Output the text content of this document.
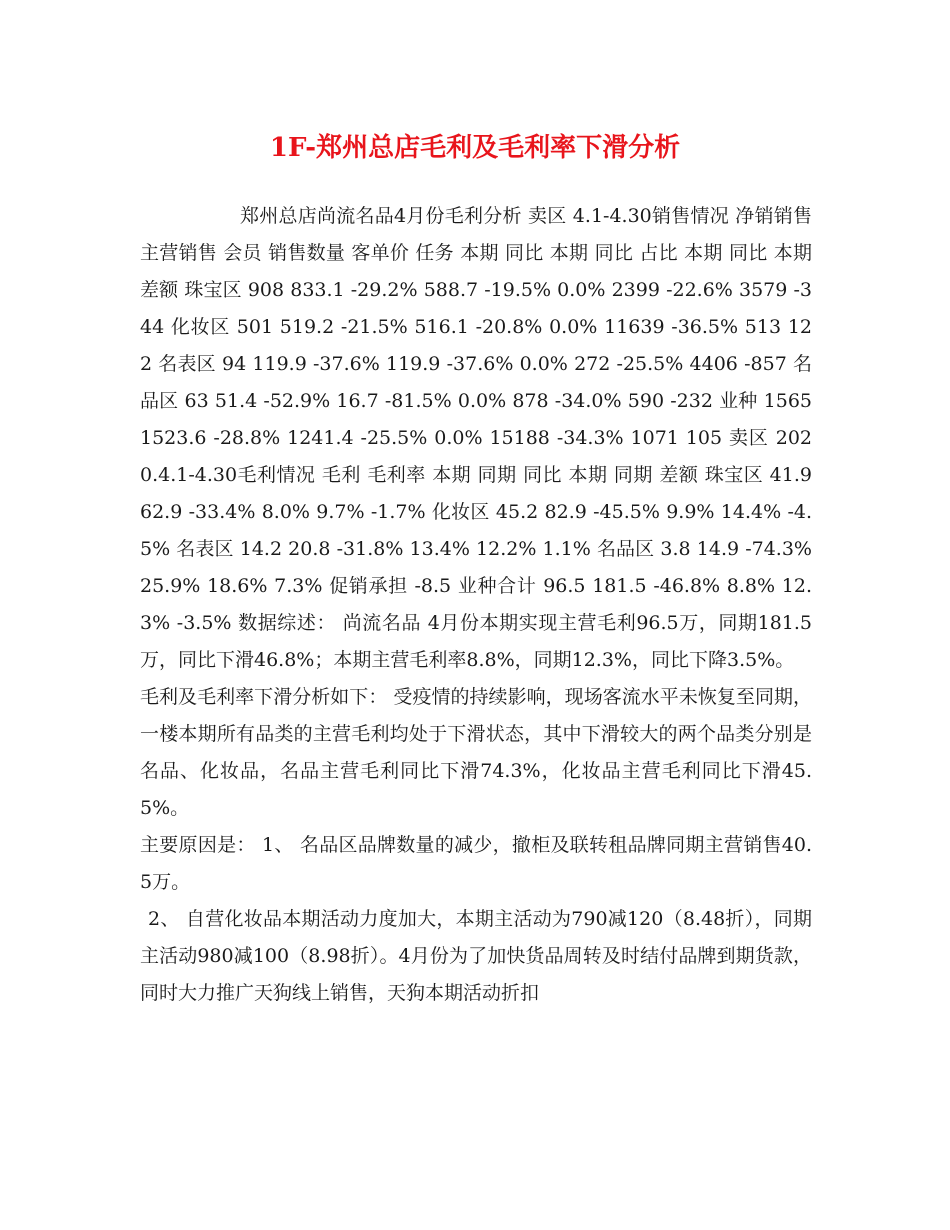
1F-郑州总店毛利及毛利率下滑分析

郑州总店尚流名品4月份毛利分析 卖区 4.1-4.30销售情况 净销销售 主营销售 会员 销售数量 客单价 任务 本期 同比 本期 同比 占比 本期 同比 本期 差额 珠宝区 908 833.1 -29.2% 588.7 -19.5% 0.0% 2399 -22.6% 3579 -344 化妆区 501 519.2 -21.5% 516.1 -20.8% 0.0% 11639 -36.5% 513 122 名表区 94 119.9 -37.6% 119.9 -37.6% 0.0% 272 -25.5% 4406 -857 名品区 63 51.4 -52.9% 16.7 -81.5% 0.0% 878 -34.0% 590 -232 业种 1565 1523.6 -28.8% 1241.4 -25.5% 0.0% 15188 -34.3% 1071 105 卖区 2020.4.1-4.30毛利情况 毛利 毛利率 本期 同期 同比 本期 同期 差额 珠宝区 41.9 62.9 -33.4% 8.0% 9.7% -1.7% 化妆区 45.2 82.9 -45.5% 9.9% 14.4% -4.5% 名表区 14.2 20.8 -31.8% 13.4% 12.2% 1.1% 名品区 3.8 14.9 -74.3% 25.9% 18.6% 7.3% 促销承担 -8.5 业种合计 96.5 181.5 -46.8% 8.8% 12.3% -3.5% 数据综述： 尚流名品 4月份本期实现主营毛利96.5万，同期181.5万，同比下滑46.8%；本期主营毛利率8.8%，同期12.3%，同比下降3.5%。

毛利及毛利率下滑分析如下： 受疫情的持续影响，现场客流水平未恢复至同期，一楼本期所有品类的主营毛利均处于下滑状态，其中下滑较大的两个品类分别是名品、化妆品，名品主营毛利同比下滑74.3%，化妆品主营毛利同比下滑45.5%。

主要原因是： 1、 名品区品牌数量的减少，撤柜及联转租品牌同期主营销售40.5万。

2、 自营化妆品本期活动力度加大，本期主活动为790减120（8.48折），同期主活动980减100（8.98折）。4月份为了加快货品周转及时结付品牌到期货款，同时大力推广天狗线上销售，天狗本期活动折扣
